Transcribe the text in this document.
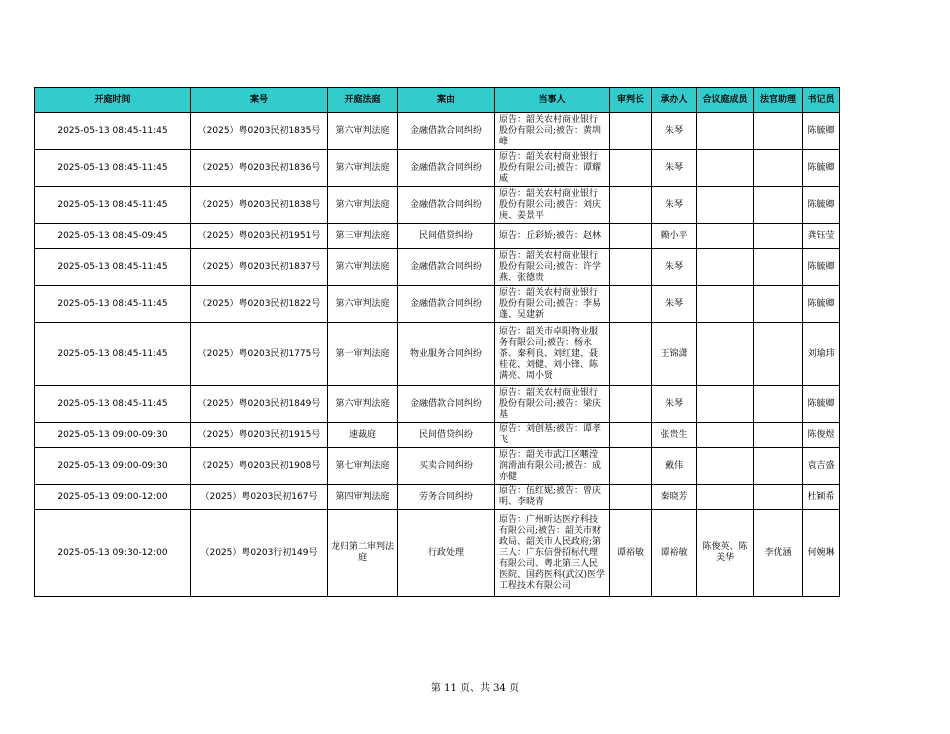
开庭时间	案号	开庭法庭	案由	当事人	审判长	承办人	合议庭成员	法官助理	书记员
2025-05-13 08:45-11:45	（2025）粤0203民初1835号	第六审判法庭	金融借款合同纠纷	原告：韶关农村商业银行股份有限公司;被告：黄圳峰		朱琴			陈毓卿
2025-05-13 08:45-11:45	（2025）粤0203民初1836号	第六审判法庭	金融借款合同纠纷	原告：韶关农村商业银行股份有限公司;被告：谭耀威		朱琴			陈毓卿
2025-05-13 08:45-11:45	（2025）粤0203民初1838号	第六审判法庭	金融借款合同纠纷	原告：韶关农村商业银行股份有限公司;被告：刘庆庚、姜景平		朱琴			陈毓卿
2025-05-13 08:45-09:45	（2025）粤0203民初1951号	第三审判法庭	民间借贷纠纷	原告：丘彩娇;被告：赵林		赖小平			龚钰莹
2025-05-13 08:45-11:45	（2025）粤0203民初1837号	第六审判法庭	金融借款合同纠纷	原告：韶关农村商业银行股份有限公司;被告：许学燕、张德贵		朱琴			陈毓卿
2025-05-13 08:45-11:45	（2025）粤0203民初1822号	第六审判法庭	金融借款合同纠纷	原告：韶关农村商业银行股份有限公司;被告：李易蓬、吴建新		朱琴			陈毓卿
2025-05-13 08:45-11:45	（2025）粤0203民初1775号	第一审判法庭	物业服务合同纠纷	原告：韶关市卓阳物业服务有限公司;被告：杨永茶、秦利良、刘红建、聂桂花、刘健、刘小锋、陈满亮、周小贤		王锦潇			刘瑜玮
2025-05-13 08:45-11:45	（2025）粤0203民初1849号	第六审判法庭	金融借款合同纠纷	原告：韶关农村商业银行股份有限公司;被告：梁庆基		朱琴			陈毓卿
2025-05-13 09:00-09:30	（2025）粤0203民初1915号	速裁庭	民间借贷纠纷	原告：刘创基;被告：谭孝飞		张贵生			陈俊煜
2025-05-13 09:00-09:30	（2025）粤0203民初1908号	第七审判法庭	买卖合同纠纷	原告：韶关市武江区暱滢润滑油有限公司;被告：成亦健		戴伟			袁吉盛
2025-05-13 09:00-12:00	（2025）粤0203民初167号	第四审判法庭	劳务合同纠纷	原告：伍红妮;被告：曾庆明、李晓青		秦晓芳			杜颖希
2025-05-13 09:30-12:00	（2025）粤0203行初149号	龙归第二审判法庭	行政处理	原告：广州昕达医疗科技有限公司;被告：韶关市财政局、韶关市人民政府;第三人：广东信誉招标代理有限公司、粤北第三人民医院、国药医科(武汉)医学工程技术有限公司	谭裕敏	谭裕敏	陈俊英、陈美华	李优涵	何婉琳
第 11 页、共 34 页
